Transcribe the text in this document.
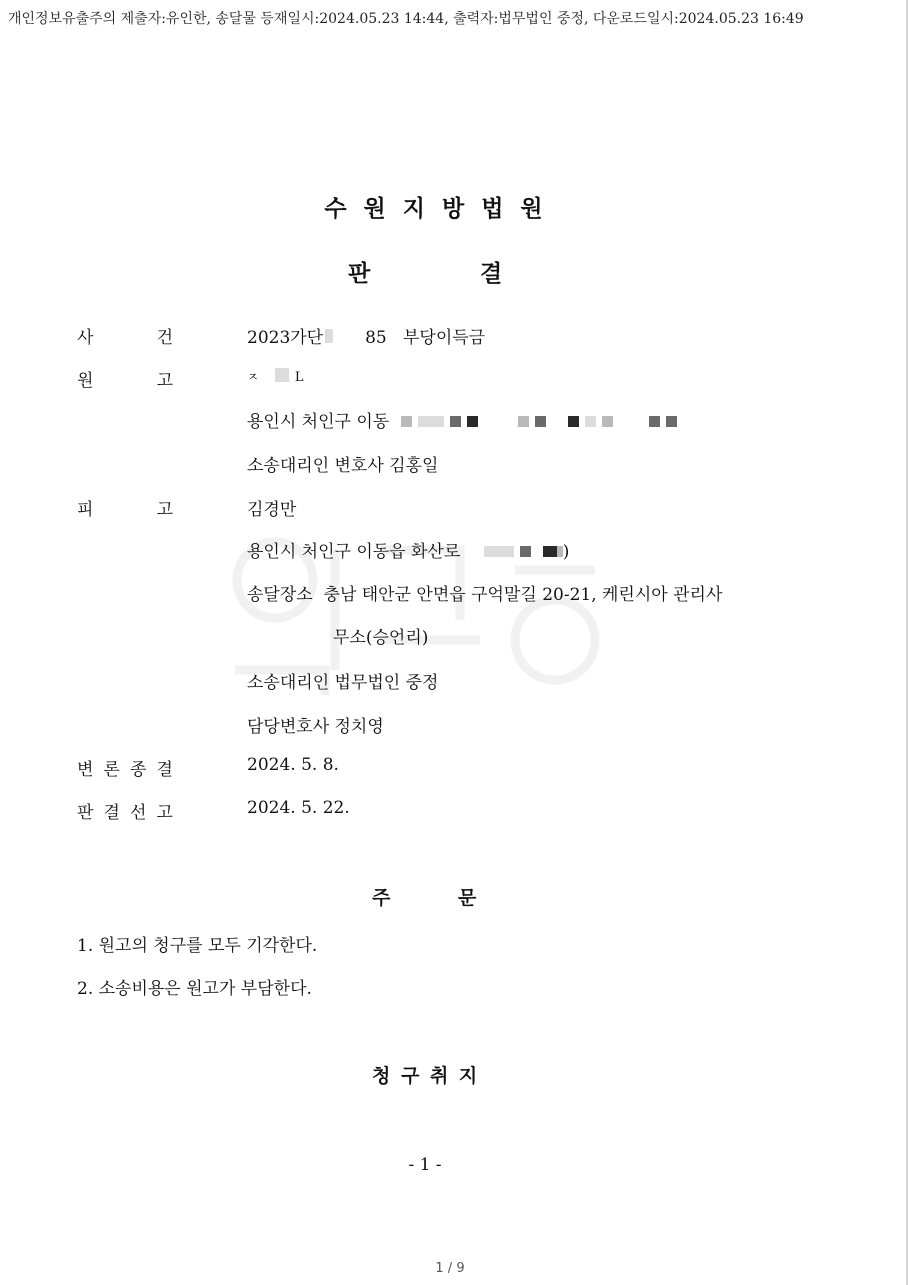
개인정보유출주의 제출자:유인한, 송달물 등재일시:2024.05.23 14:44, 출력자:법무법인 중정, 다운로드일시:2024.05.23 16:49
수원지방법원
판	결
사	건	2023가단 85 부당이득금
원	고	ㅈ	L
용인시 처인구 이동
소송대리인 변호사 김홍일
피	고	김경만
용인시 처인구 이동읍 화산로	)
송달장소 충남 태안군 안면읍 구억말길 20-21, 케린시아 관리사
무소(승언리)
소송대리인 법무법인 중정
담당변호사 정치영
변 론 종 결	2024. 5. 8.
판 결 선 고	2024. 5. 22.
주	문
1. 원고의 청구를 모두 기각한다.
2. 소송비용은 원고가 부담한다.
청 구 취 지
- 1 -
1 / 9
